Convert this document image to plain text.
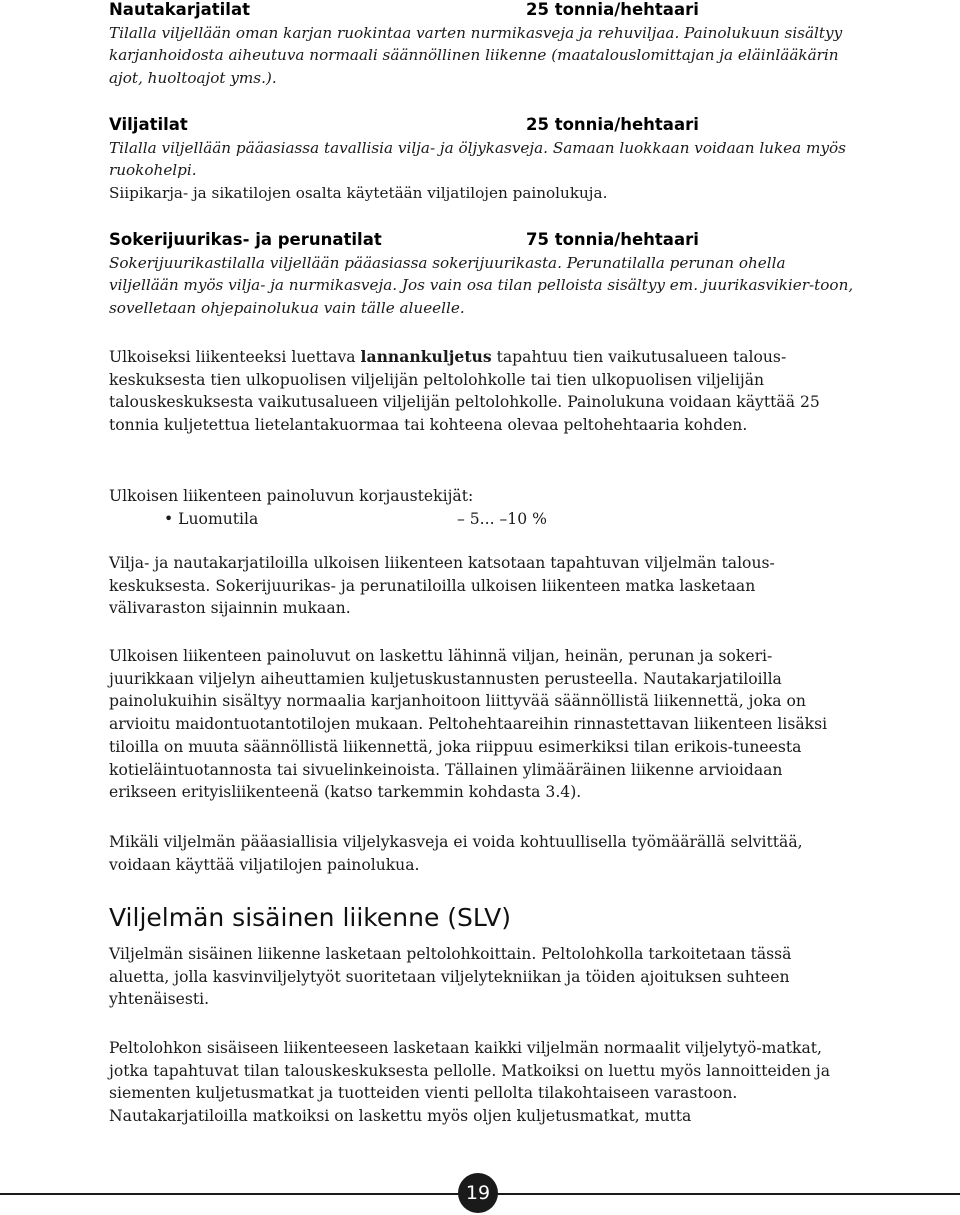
Nautakarjatilat	25 tonnia/hehtaari

Tilalla viljellään oman karjan ruokintaa varten nurmikasveja ja rehuviljaa. Painolukuun sisältyy karjanhoidosta aiheutuva normaali säännöllinen liikenne (maatalouslomittajan ja eläinlääkärin ajot, huoltoajot yms.).

Viljatilat	25 tonnia/hehtaari

Tilalla viljellään pääasiassa tavallisia vilja- ja öljykasveja. Samaan luokkaan voidaan lukea myös ruokohelpi.

Siipikarja- ja sikatilojen osalta käytetään viljatilojen painolukuja.

Sokerijuurikas- ja perunatilat	75 tonnia/hehtaari

Sokerijuurikastilalla viljellään pääasiassa sokerijuurikasta. Perunatilalla perunan ohella viljellään myös vilja- ja nurmikasveja. Jos vain osa tilan pelloista sisältyy em. juurikasvikier-toon, sovelletaan ohjepainolukua vain tälle alueelle.

Ulkoiseksi liikenteeksi luettava lannankuljetus tapahtuu tien vaikutusalueen talous-keskuksesta tien ulkopuolisen viljelijän peltolohkolle tai tien ulkopuolisen viljelijän talouskeskuksesta vaikutusalueen viljelijän peltolohkolle. Painolukuna voidaan käyttää 25 tonnia kuljetettua lietelantakuormaa tai kohteena olevaa peltohehtaaria kohden.

Ulkoisen liikenteen painoluvun korjaustekijät:

• Luomutila	– 5... –10 %

Vilja- ja nautakarjatiloilla ulkoisen liikenteen katsotaan tapahtuvan viljelmän talous-keskuksesta. Sokerijuurikas- ja perunatiloilla ulkoisen liikenteen matka lasketaan välivaraston sijainnin mukaan.

Ulkoisen liikenteen painoluvut on laskettu lähinnä viljan, heinän, perunan ja sokeri-juurikkaan viljelyn aiheuttamien kuljetuskustannusten perusteella. Nautakarjatiloilla painolukuihin sisältyy normaalia karjanhoitoon liittyvää säännöllistä liikennettä, joka on arvioitu maidontuotantotilojen mukaan. Peltohehtaareihin rinnastettavan liikenteen lisäksi tiloilla on muuta säännöllistä liikennettä, joka riippuu esimerkiksi tilan erikois-tuneesta kotieläintuotannosta tai sivuelinkeinoista. Tällainen ylimääräinen liikenne arvioidaan erikseen erityisliikenteenä (katso tarkemmin kohdasta 3.4).

Mikäli viljelmän pääasiallisia viljelykasveja ei voida kohtuullisella työmäärällä selvittää, voidaan käyttää viljatilojen painolukua.

Viljelmän sisäinen liikenne (SLV)

Viljelmän sisäinen liikenne lasketaan peltolohkoittain. Peltolohkolla tarkoitetaan tässä aluetta, jolla kasvinviljelytyöt suoritetaan viljelytekniikan ja töiden ajoituksen suhteen yhtenäisesti.

Peltolohkon sisäiseen liikenteeseen lasketaan kaikki viljelmän normaalit viljelytyö-matkat, jotka tapahtuvat tilan talouskeskuksesta pellolle. Matkoiksi on luettu myös lannoitteiden ja siementen kuljetusmatkat ja tuotteiden vienti pellolta tilakohtaiseen varastoon. Nautakarjatiloilla matkoiksi on laskettu myös oljen kuljetusmatkat, mutta

19
